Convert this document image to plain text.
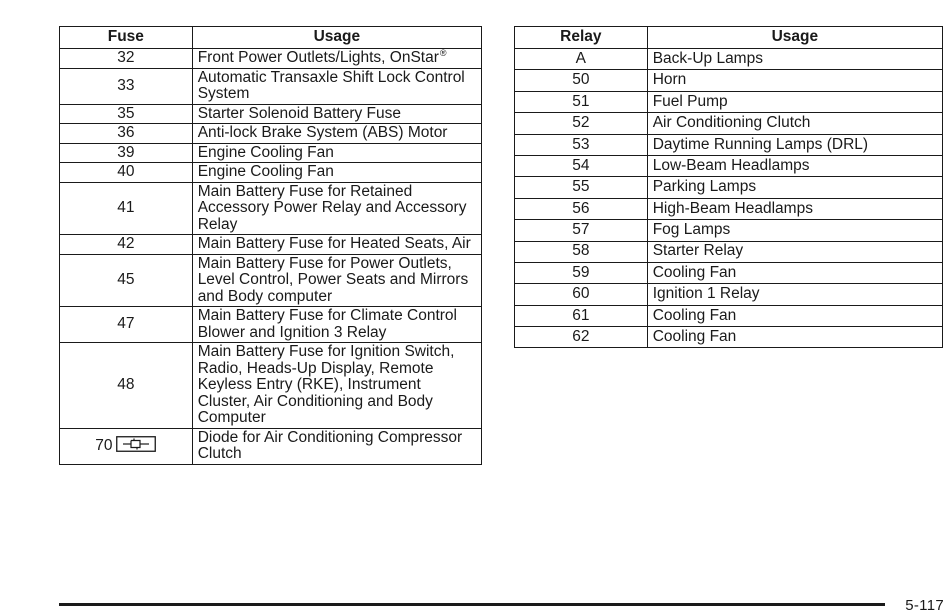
Fuse	Usage
32	Front Power Outlets/Lights, OnStar®
33	Automatic Transaxle Shift Lock Control System
35	Starter Solenoid Battery Fuse
36	Anti-lock Brake System (ABS) Motor
39	Engine Cooling Fan
40	Engine Cooling Fan
41	Main Battery Fuse for Retained Accessory Power Relay and Accessory Relay
42	Main Battery Fuse for Heated Seats, Air
45	Main Battery Fuse for Power Outlets, Level Control, Power Seats and Mirrors and Body computer
47	Main Battery Fuse for Climate Control Blower and Ignition 3 Relay
48	Main Battery Fuse for Ignition Switch, Radio, Heads-Up Display, Remote Keyless Entry (RKE), Instrument Cluster, Air Conditioning and Body Computer
70	Diode for Air Conditioning Compressor Clutch
Relay	Usage
A	Back-Up Lamps
50	Horn
51	Fuel Pump
52	Air Conditioning Clutch
53	Daytime Running Lamps (DRL)
54	Low-Beam Headlamps
55	Parking Lamps
56	High-Beam Headlamps
57	Fog Lamps
58	Starter Relay
59	Cooling Fan
60	Ignition 1 Relay
61	Cooling Fan
62	Cooling Fan
5-117
